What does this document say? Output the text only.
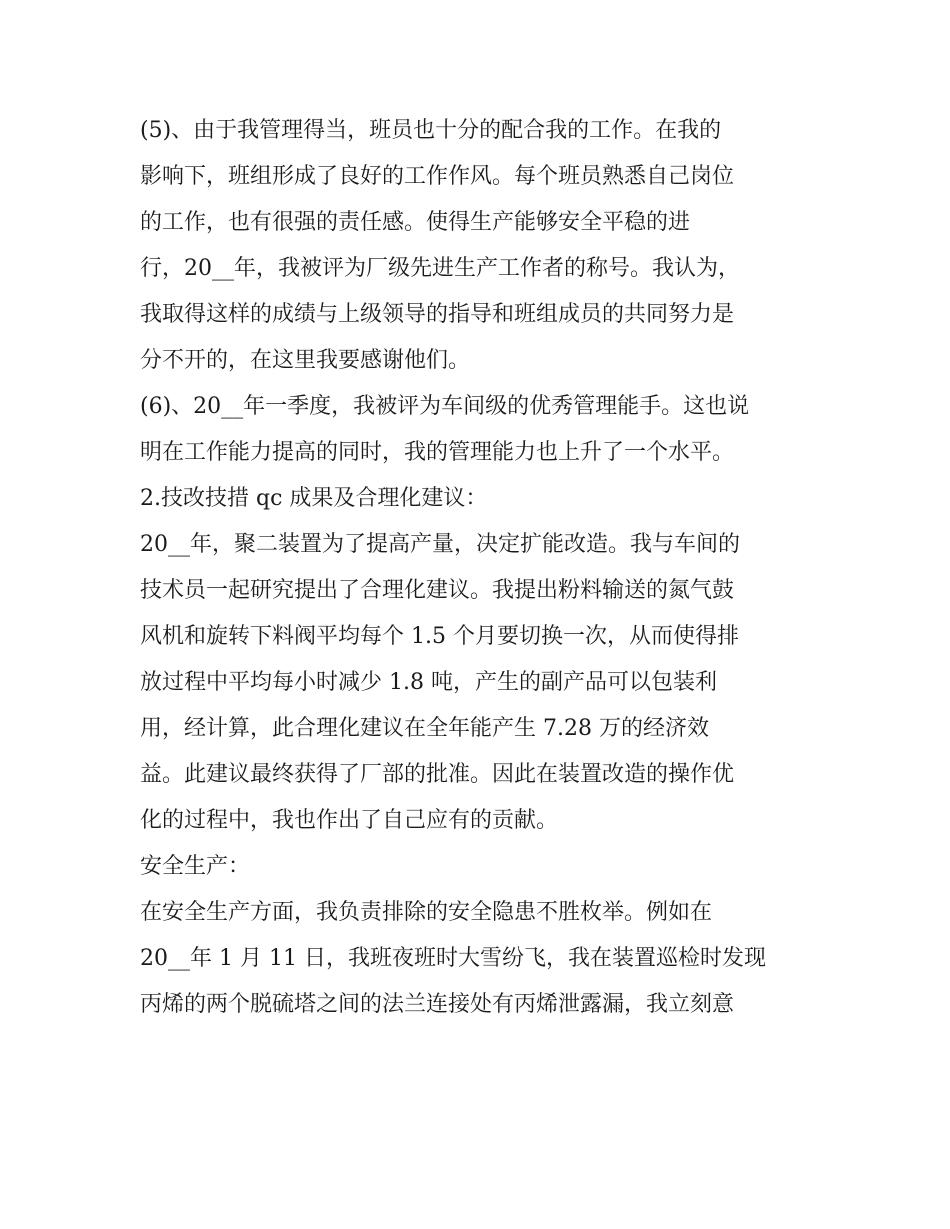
(5)、由于我管理得当，班员也十分的配合我的工作。在我的
影响下，班组形成了良好的工作作风。每个班员熟悉自己岗位
的工作，也有很强的责任感。使得生产能够安全平稳的进
行，20__年，我被评为厂级先进生产工作者的称号。我认为，
我取得这样的成绩与上级领导的指导和班组成员的共同努力是
分不开的，在这里我要感谢他们。
(6)、20__年一季度，我被评为车间级的优秀管理能手。这也说
明在工作能力提高的同时，我的管理能力也上升了一个水平。
2.技改技措 qc 成果及合理化建议：
20__年，聚二装置为了提高产量，决定扩能改造。我与车间的
技术员一起研究提出了合理化建议。我提出粉料输送的氮气鼓
风机和旋转下料阀平均每个 1.5 个月要切换一次，从而使得排
放过程中平均每小时减少 1.8 吨，产生的副产品可以包装利
用，经计算，此合理化建议在全年能产生 7.28 万的经济效
益。此建议最终获得了厂部的批准。因此在装置改造的操作优
化的过程中，我也作出了自己应有的贡献。
安全生产：
在安全生产方面，我负责排除的安全隐患不胜枚举。例如在
20__年 1 月 11 日，我班夜班时大雪纷飞，我在装置巡检时发现
丙烯的两个脱硫塔之间的法兰连接处有丙烯泄露漏，我立刻意
